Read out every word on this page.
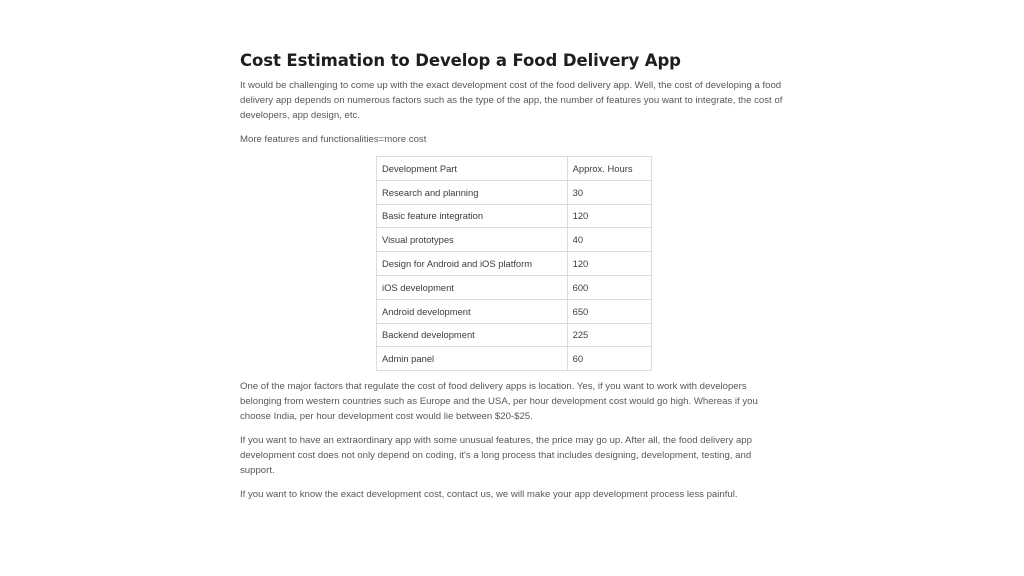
Cost Estimation to Develop a Food Delivery App

It would be challenging to come up with the exact development cost of the food delivery app. Well, the cost of developing a food delivery app depends on numerous factors such as the type of the app, the number of features you want to integrate, the cost of developers, app design, etc.

More features and functionalities=more cost

Development Part	Approx. Hours
Research and planning	30
Basic feature integration	120
Visual prototypes	40
Design for Android and iOS platform	120
iOS development	600
Android development	650
Backend development	225
Admin panel	60

One of the major factors that regulate the cost of food delivery apps is location. Yes, if you want to work with developers belonging from western countries such as Europe and the USA, per hour development cost would go high. Whereas if you choose India, per hour development cost would lie between $20-$25.

If you want to have an extraordinary app with some unusual features, the price may go up. After all, the food delivery app development cost does not only depend on coding, it's a long process that includes designing, development, testing, and support.

If you want to know the exact development cost, contact us, we will make your app development process less painful.
